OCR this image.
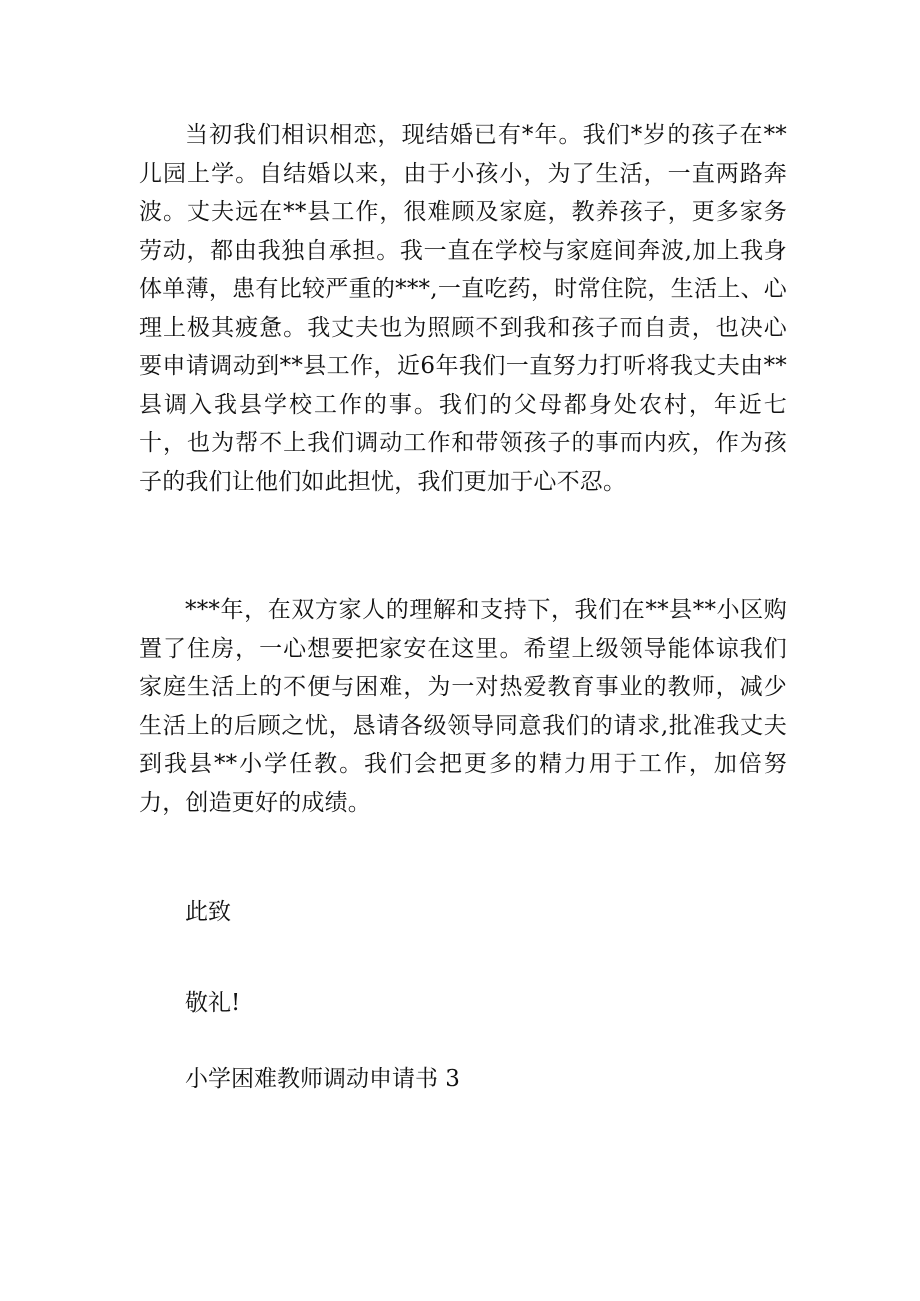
当初我们相识相恋，现结婚已有*年。我们*岁的孩子在**儿园上学。自结婚以来，由于小孩小，为了生活，一直两路奔波。丈夫远在**县工作，很难顾及家庭，教养孩子，更多家务劳动，都由我独自承担。我一直在学校与家庭间奔波,加上我身体单薄，患有比较严重的***,一直吃药，时常住院，生活上、心理上极其疲惫。我丈夫也为照顾不到我和孩子而自责，也决心要申请调动到**县工作，近6年我们一直努力打听将我丈夫由**县调入我县学校工作的事。我们的父母都身处农村，年近七十，也为帮不上我们调动工作和带领孩子的事而内疚，作为孩子的我们让他们如此担忧，我们更加于心不忍。

***年，在双方家人的理解和支持下，我们在**县**小区购置了住房，一心想要把家安在这里。希望上级领导能体谅我们家庭生活上的不便与困难，为一对热爱教育事业的教师，减少生活上的后顾之忧，恳请各级领导同意我们的请求,批准我丈夫到我县**小学任教。我们会把更多的精力用于工作，加倍努力，创造更好的成绩。

此致

敬礼!

小学困难教师调动申请书 3
